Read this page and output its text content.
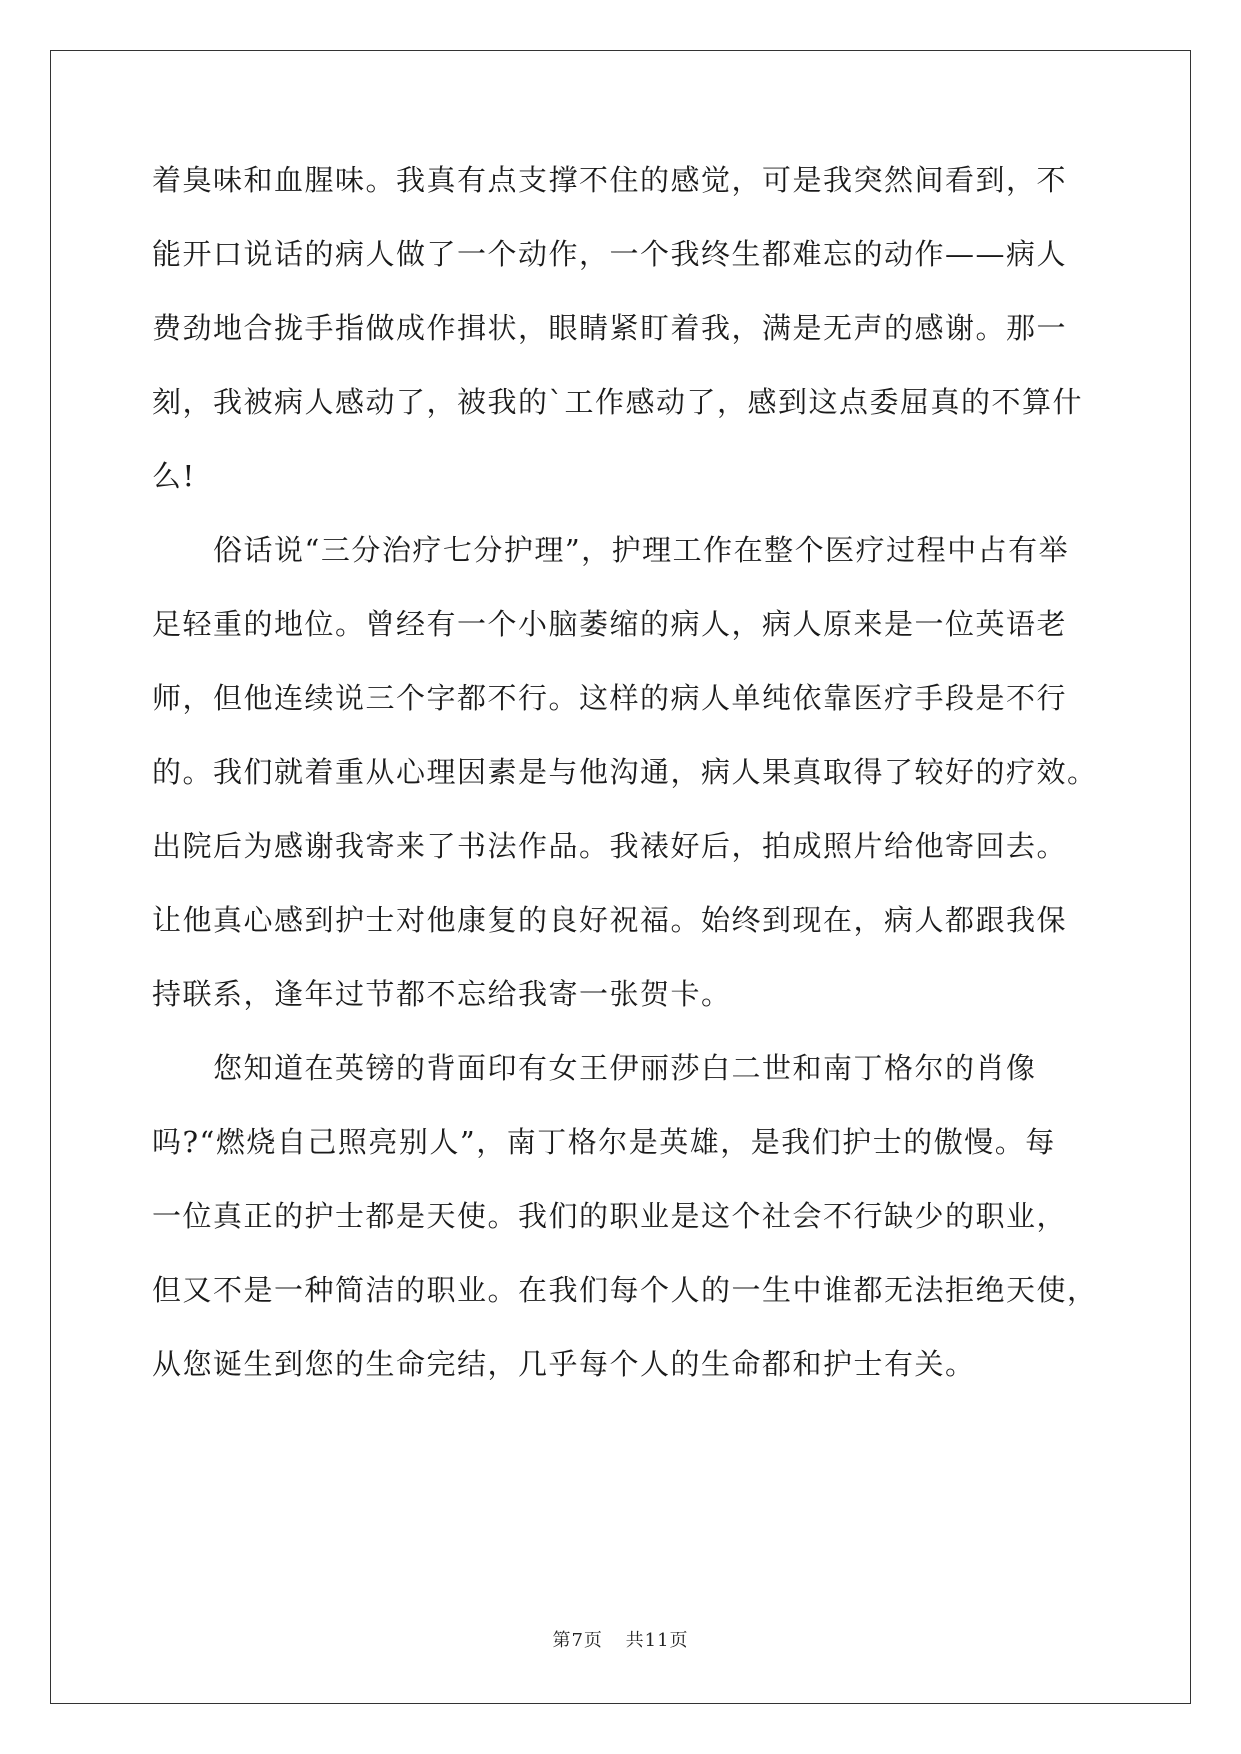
着臭味和血腥味。我真有点支撑不住的感觉，可是我突然间看到，不
能开口说话的病人做了一个动作，一个我终生都难忘的动作——病人
费劲地合拢手指做成作揖状，眼睛紧盯着我，满是无声的感谢。那一
刻，我被病人感动了，被我的`工作感动了，感到这点委屈真的不算什
么!

俗话说“三分治疗七分护理”，护理工作在整个医疗过程中占有举
足轻重的地位。曾经有一个小脑萎缩的病人，病人原来是一位英语老
师，但他连续说三个字都不行。这样的病人单纯依靠医疗手段是不行
的。我们就着重从心理因素是与他沟通，病人果真取得了较好的疗效。
出院后为感谢我寄来了书法作品。我裱好后，拍成照片给他寄回去。
让他真心感到护士对他康复的良好祝福。始终到现在，病人都跟我保
持联系，逢年过节都不忘给我寄一张贺卡。

您知道在英镑的背面印有女王伊丽莎白二世和南丁格尔的肖像
吗?“燃烧自己照亮别人”，南丁格尔是英雄，是我们护士的傲慢。每
一位真正的护士都是天使。我们的职业是这个社会不行缺少的职业，
但又不是一种简洁的职业。在我们每个人的一生中谁都无法拒绝天使，
从您诞生到您的生命完结，几乎每个人的生命都和护士有关。

第7页 共11页
